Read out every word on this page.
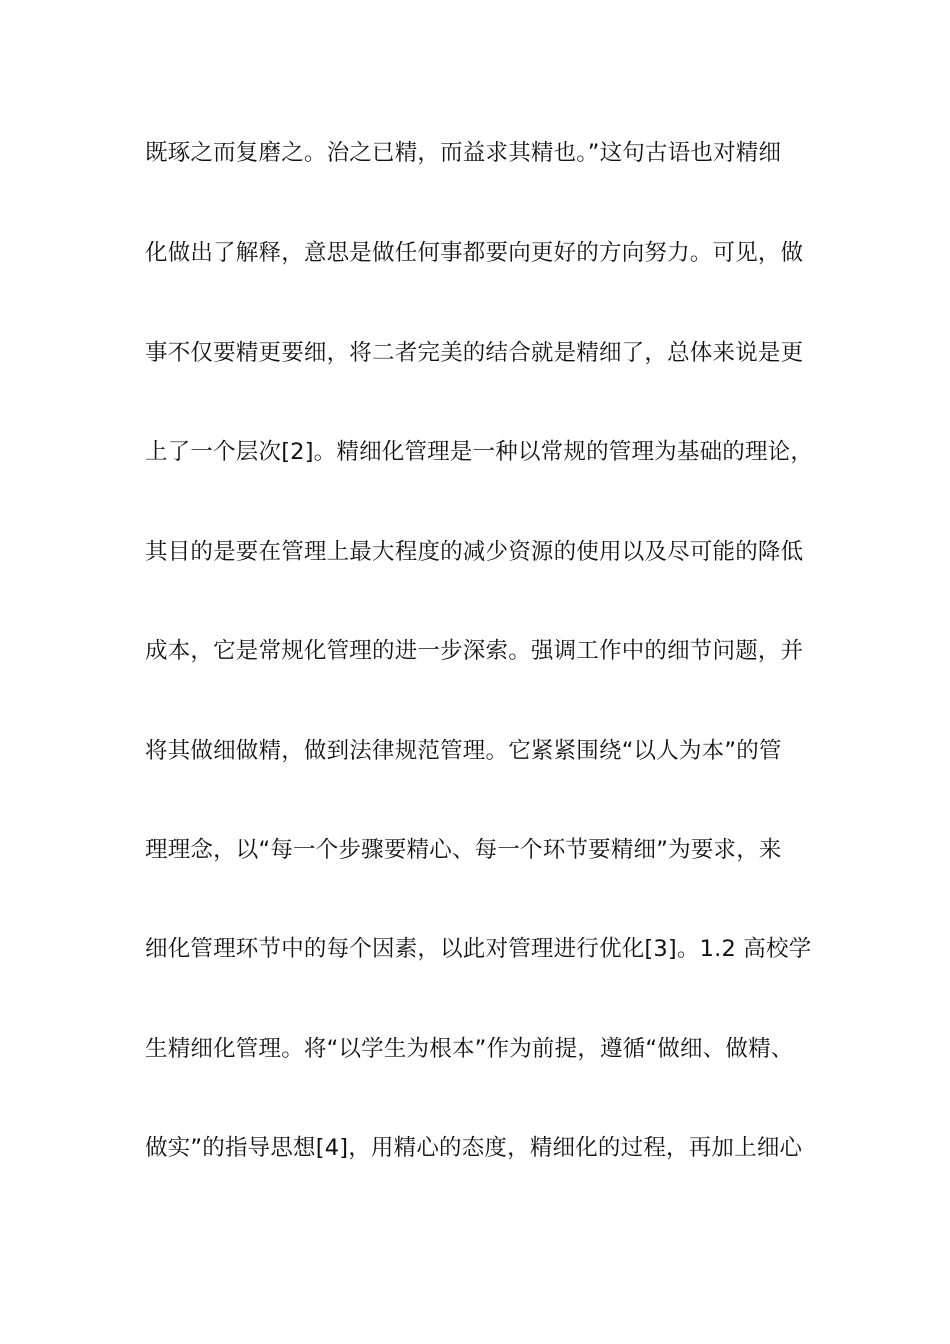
既琢之而复磨之。治之已精，而益求其精也。”这句古语也对精细
化做出了解释，意思是做任何事都要向更好的方向努力。可见，做
事不仅要精更要细，将二者完美的结合就是精细了，总体来说是更
上了一个层次[2]。精细化管理是一种以常规的管理为基础的理论，
其目的是要在管理上最大程度的减少资源的使用以及尽可能的降低
成本，它是常规化管理的进一步深索。强调工作中的细节问题，并
将其做细做精，做到法律规范管理。它紧紧围绕“以人为本”的管
理理念，以“每一个步骤要精心、每一个环节要精细”为要求，来
细化管理环节中的每个因素，以此对管理进行优化[3]。1.2 高校学
生精细化管理。将“以学生为根本”作为前提，遵循“做细、做精、
做实”的指导思想[4]，用精心的态度，精细化的过程，再加上细心
